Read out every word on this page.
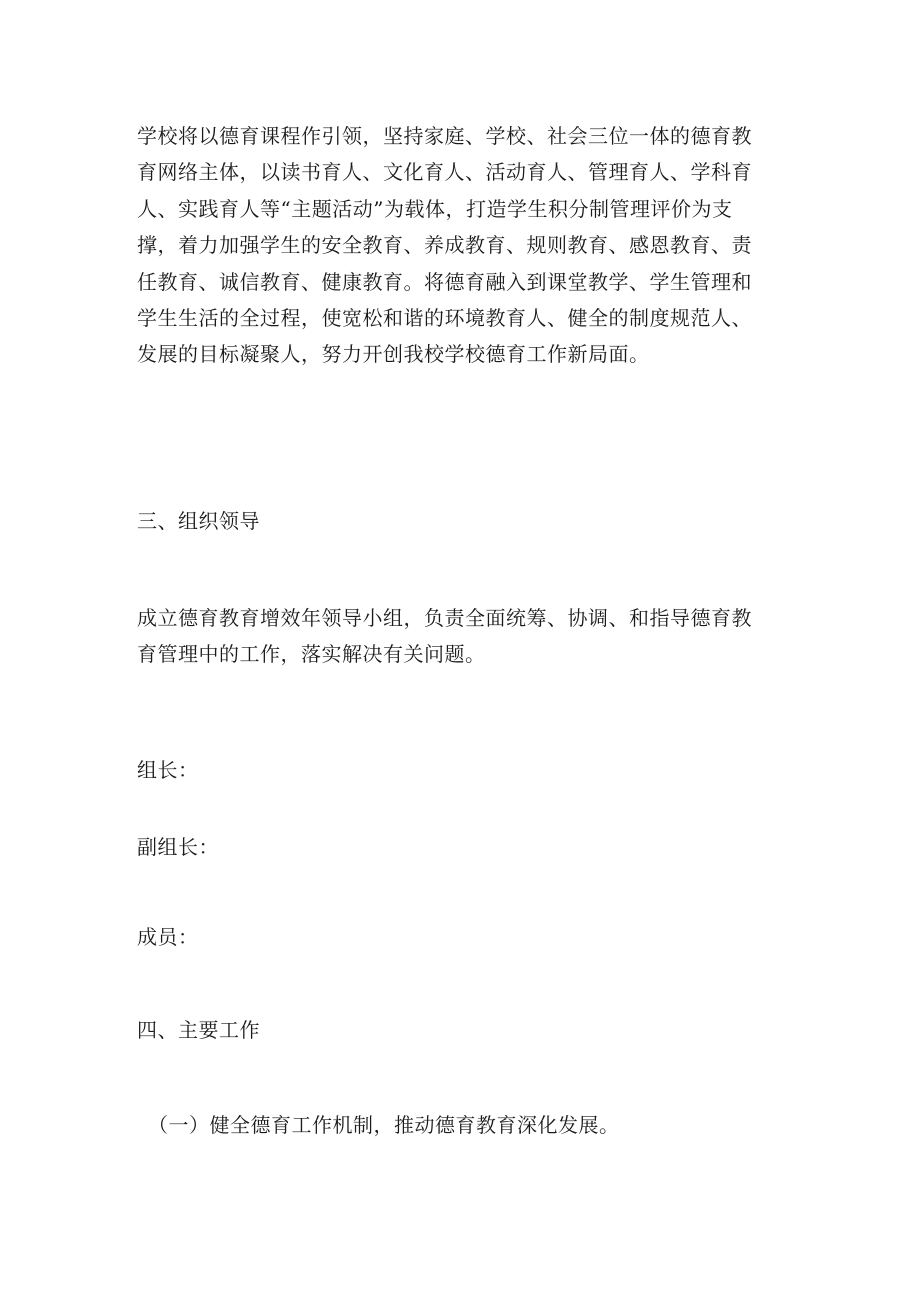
学校将以德育课程作引领，坚持家庭、学校、社会三位一体的德育教
育网络主体，以读书育人、文化育人、活动育人、管理育人、学科育
人、实践育人等“主题活动”为载体，打造学生积分制管理评价为支
撑，着力加强学生的安全教育、养成教育、规则教育、感恩教育、责
任教育、诚信教育、健康教育。将德育融入到课堂教学、学生管理和
学生生活的全过程，使宽松和谐的环境教育人、健全的制度规范人、
发展的目标凝聚人，努力开创我校学校德育工作新局面。
三、组织领导
成立德育教育增效年领导小组，负责全面统筹、协调、和指导德育教
育管理中的工作，落实解决有关问题。
组长：
副组长：
成员：
四、主要工作
（一）健全德育工作机制，推动德育教育深化发展。
